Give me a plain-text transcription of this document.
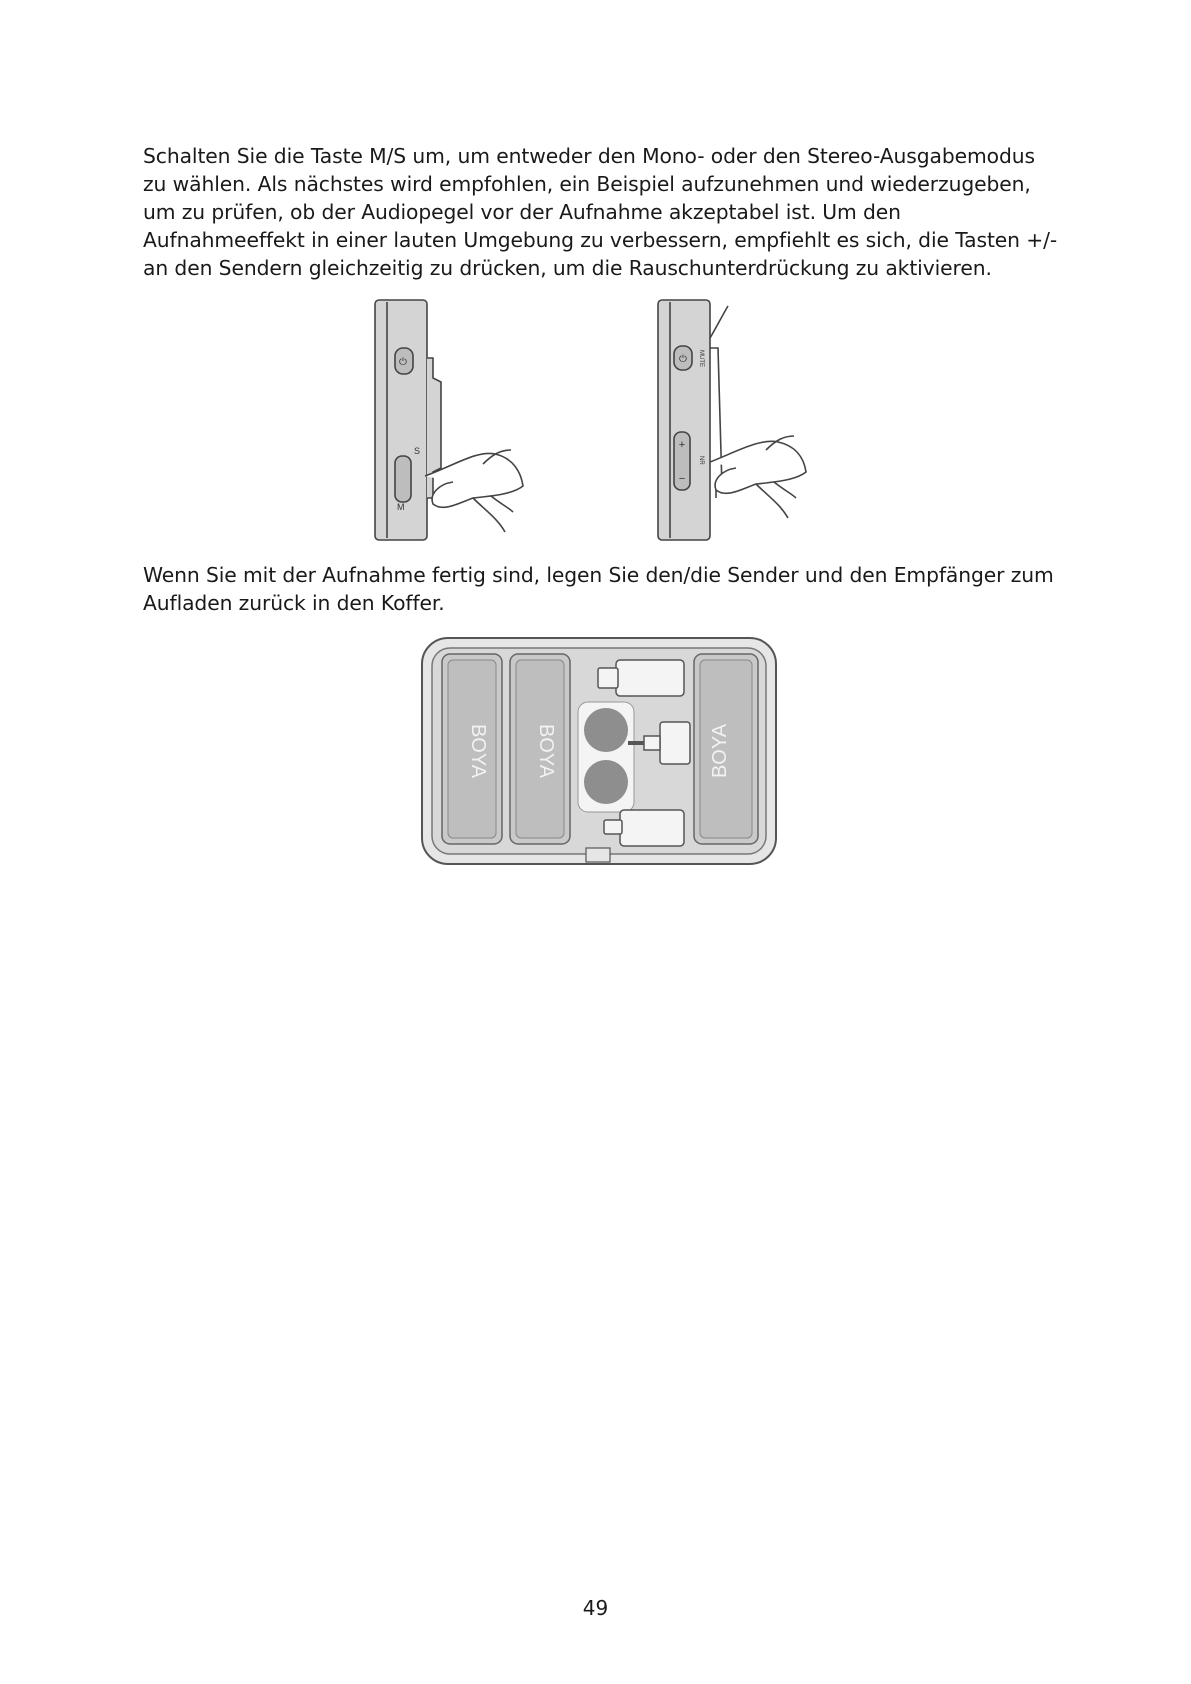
Schalten Sie die Taste M/S um, um entweder den Mono- oder den Stereo-Ausgabemodus
zu wählen. Als nächstes wird empfohlen, ein Beispiel aufzunehmen und wiederzugeben,
um zu prüfen, ob der Audiopegel vor der Aufnahme akzeptabel ist. Um den
Aufnahmeeffekt in einer lauten Umgebung zu verbessern, empfiehlt es sich, die Tasten +/-
an den Sendern gleichzeitig zu drücken, um die Rauschunterdrückung zu aktivieren.

⏻
S
M
⏻
+
−
MUTE
NR

Wenn Sie mit der Aufnahme fertig sind, legen Sie den/die Sender und den Empfänger zum
Aufladen zurück in den Koffer.

BOYA BOYA	BOYA
49
